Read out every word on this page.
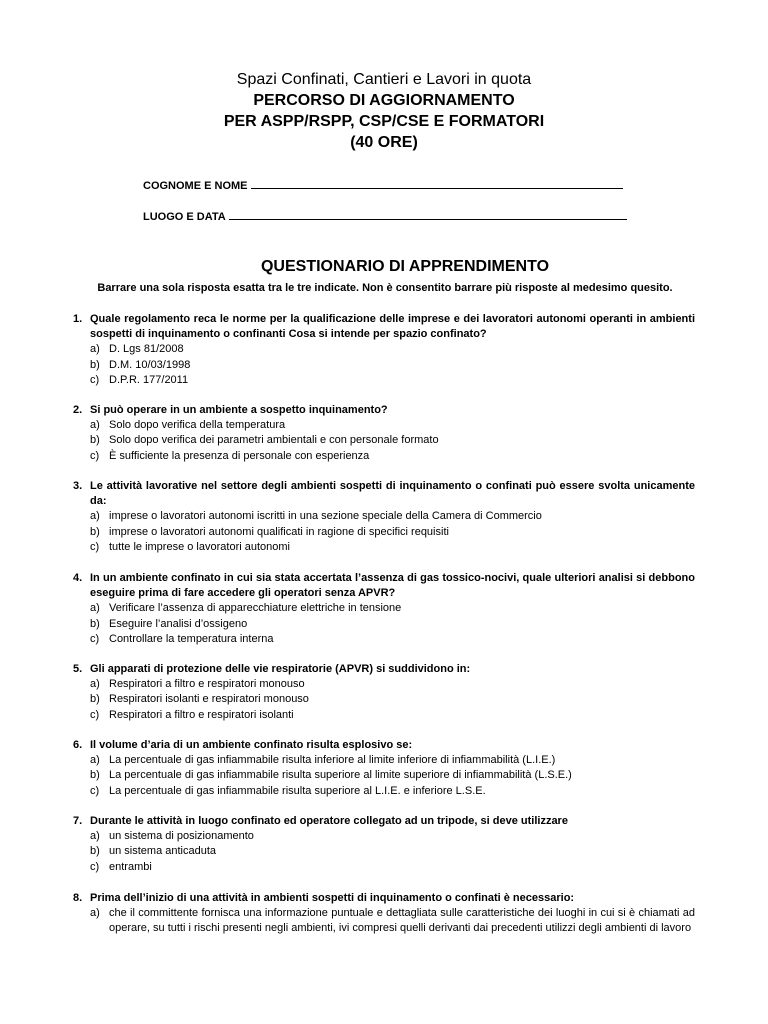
Spazi Confinati, Cantieri e Lavori in quota
PERCORSO DI AGGIORNAMENTO
PER ASPP/RSPP, CSP/CSE E FORMATORI
(40 ORE)
COGNOME E NOME
LUOGO E DATA
QUESTIONARIO DI APPRENDIMENTO
Barrare una sola risposta esatta tra le tre indicate. Non è consentito barrare più risposte al medesimo quesito.
1. Quale regolamento reca le norme per la qualificazione delle imprese e dei lavoratori autonomi operanti in ambienti sospetti di inquinamento o confinanti Cosa si intende per spazio confinato?
a) D. Lgs 81/2008
b) D.M. 10/03/1998
c) D.P.R. 177/2011
2. Si può operare in un ambiente a sospetto inquinamento?
a) Solo dopo verifica della temperatura
b) Solo dopo verifica dei parametri ambientali e con personale formato
c) È sufficiente la presenza di personale con esperienza
3. Le attività lavorative nel settore degli ambienti sospetti di inquinamento o confinati può essere svolta unicamente da:
a) imprese o lavoratori autonomi iscritti in una sezione speciale della Camera di Commercio
b) imprese o lavoratori autonomi qualificati in ragione di specifici requisiti
c) tutte le imprese o lavoratori autonomi
4. In un ambiente confinato in cui sia stata accertata l’assenza di gas tossico-nocivi, quale ulteriori analisi si debbono eseguire prima di fare accedere gli operatori senza APVR?
a) Verificare l’assenza di apparecchiature elettriche in tensione
b) Eseguire l’analisi d’ossigeno
c) Controllare la temperatura interna
5. Gli apparati di protezione delle vie respiratorie (APVR) si suddividono in:
a) Respiratori a filtro e respiratori monouso
b) Respiratori isolanti e respiratori monouso
c) Respiratori a filtro e respiratori isolanti
6. Il volume d’aria di un ambiente confinato risulta esplosivo se:
a) La percentuale di gas infiammabile risulta inferiore al limite inferiore di infiammabilità (L.I.E.)
b) La percentuale di gas infiammabile risulta superiore al limite superiore di infiammabilità (L.S.E.)
c) La percentuale di gas infiammabile risulta superiore al L.I.E. e inferiore L.S.E.
7. Durante le attività in luogo confinato ed operatore collegato ad un tripode, si deve utilizzare
a) un sistema di posizionamento
b) un sistema anticaduta
c) entrambi
8. Prima dell’inizio di una attività in ambienti sospetti di inquinamento o confinati è necessario:
a) che il committente fornisca una informazione puntuale e dettagliata sulle caratteristiche dei luoghi in cui si è chiamati ad operare, su tutti i rischi presenti negli ambienti, ivi compresi quelli derivanti dai precedenti utilizzi degli ambienti di lavoro
